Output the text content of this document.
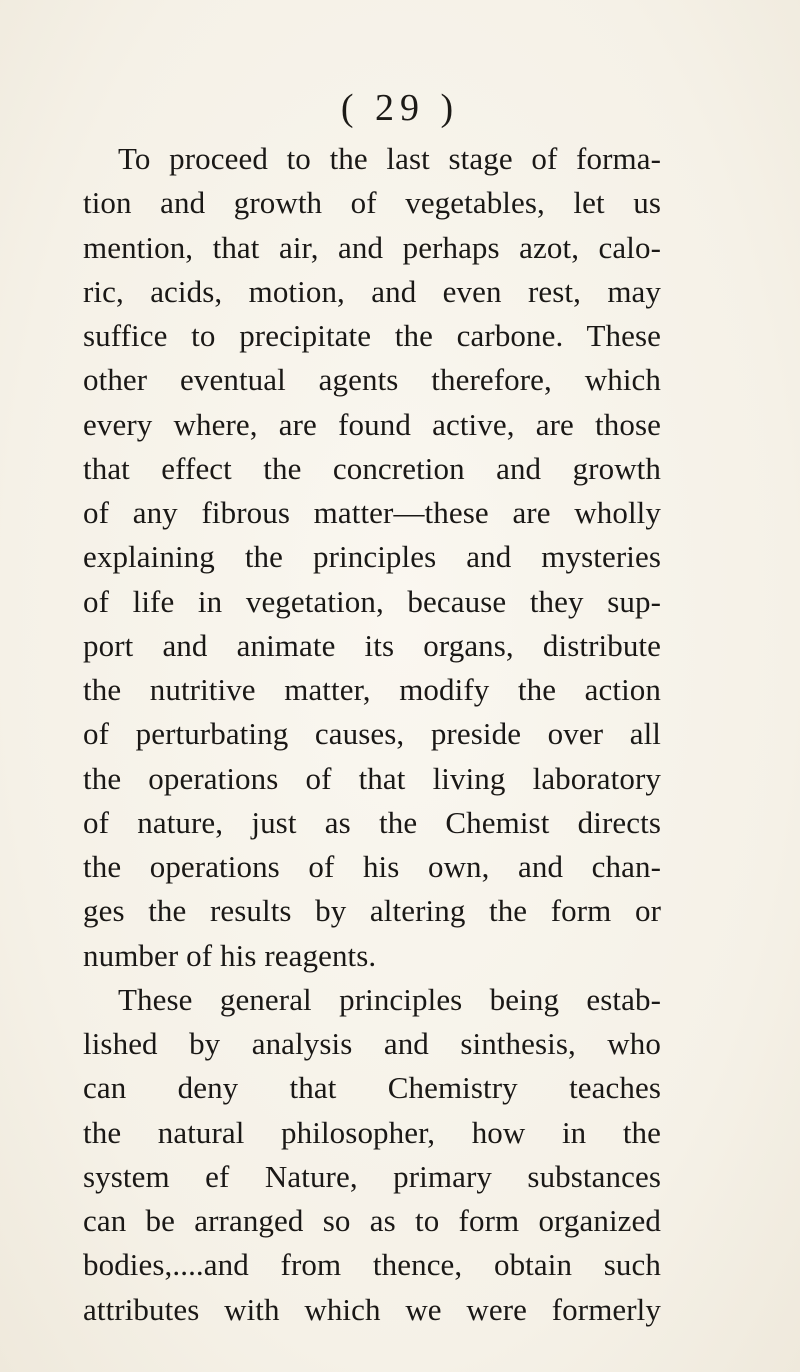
( 29 )
To proceed to the last stage of forma-
tion and growth of vegetables, let us
mention, that air, and perhaps azot, calo-
ric, acids, motion, and even rest, may
suffice to precipitate the carbone. These
other eventual agents therefore, which
every where, are found active, are those
that effect the concretion and growth
of any fibrous matter—these are wholly
explaining the principles and mysteries
of life in vegetation, because they sup-
port and animate its organs, distribute
the nutritive matter, modify the action
of perturbating causes, preside over all
the operations of that living laboratory
of nature, just as the Chemist directs
the operations of his own, and chan-
ges the results by altering the form or
number of his reagents.
These general principles being estab-
lished by analysis and sinthesis, who
can deny that Chemistry teaches
the natural philosopher, how in the
system ef Nature, primary substances
can be arranged so as to form organized
bodies,....and from thence, obtain such
attributes with which we were formerly
